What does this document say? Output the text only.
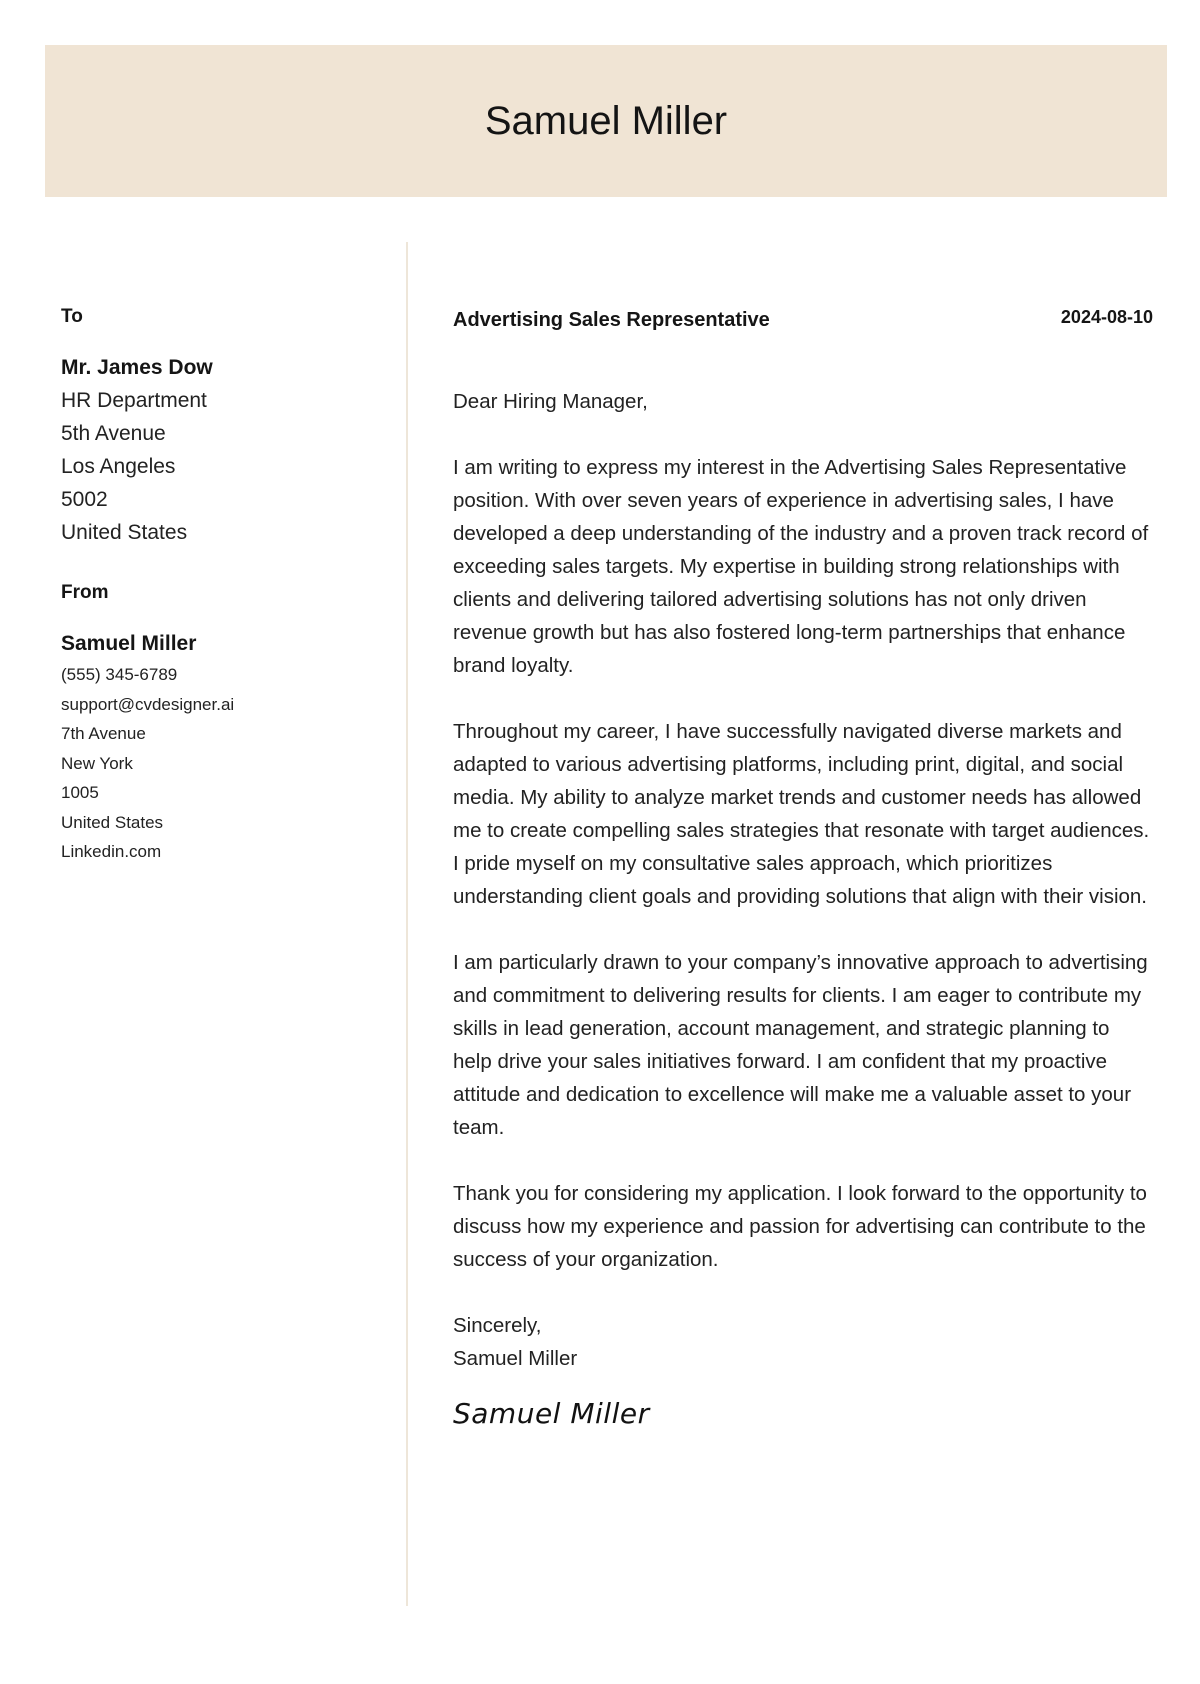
Samuel Miller

To

Mr. James Dow

HR Department

5th Avenue

Los Angeles

5002

United States

From

Samuel Miller

(555) 345-6789

support@cvdesigner.ai

7th Avenue

New York

1005

United States

Linkedin.com

Advertising Sales Representative	2024-08-10

Dear Hiring Manager,

I am writing to express my interest in the Advertising Sales Representative position. With over seven years of experience in advertising sales, I have developed a deep understanding of the industry and a proven track record of exceeding sales targets. My expertise in building strong relationships with clients and delivering tailored advertising solutions has not only driven revenue growth but has also fostered long-term partnerships that enhance brand loyalty.

Throughout my career, I have successfully navigated diverse markets and adapted to various advertising platforms, including print, digital, and social media. My ability to analyze market trends and customer needs has allowed me to create compelling sales strategies that resonate with target audiences. I pride myself on my consultative sales approach, which prioritizes understanding client goals and providing solutions that align with their vision.

I am particularly drawn to your company’s innovative approach to advertising and commitment to delivering results for clients. I am eager to contribute my skills in lead generation, account management, and strategic planning to help drive your sales initiatives forward. I am confident that my proactive attitude and dedication to excellence will make me a valuable asset to your team.

Thank you for considering my application. I look forward to the opportunity to discuss how my experience and passion for advertising can contribute to the success of your organization.

Sincerely,

Samuel Miller

Samuel Miller
